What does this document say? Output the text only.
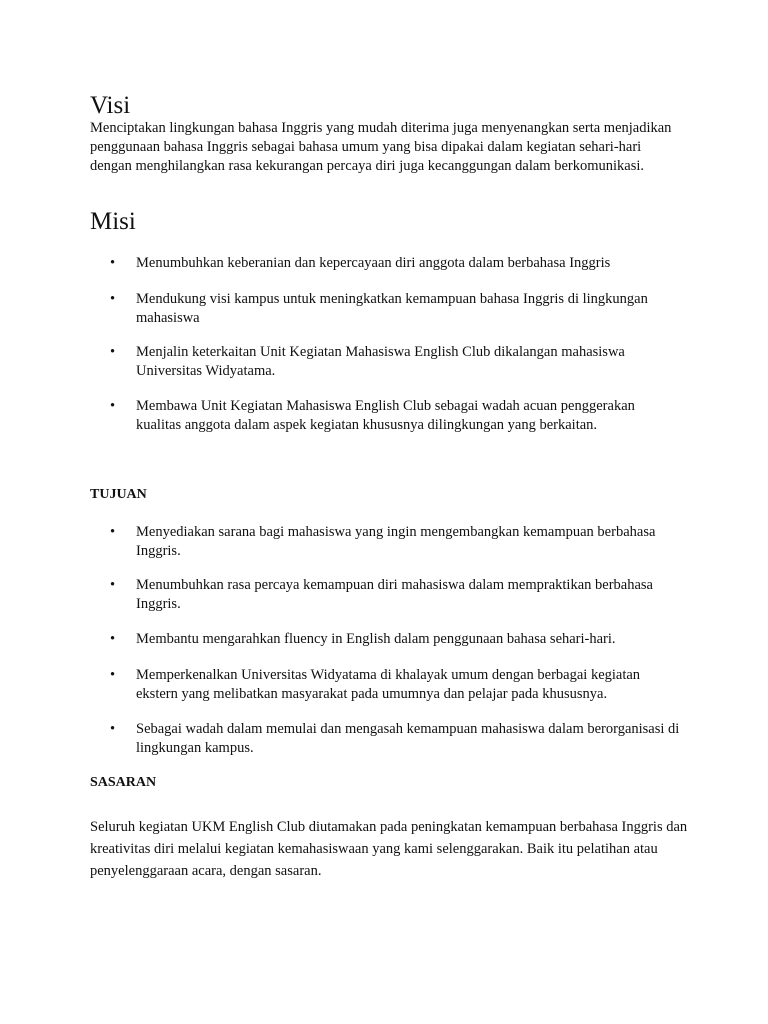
Visi

Menciptakan lingkungan bahasa Inggris yang mudah diterima juga menyenangkan serta menjadikan penggunaan bahasa Inggris sebagai bahasa umum yang bisa dipakai dalam kegiatan sehari-hari dengan menghilangkan rasa kekurangan percaya diri juga kecanggungan dalam berkomunikasi.

Misi
• Menumbuhkan keberanian dan kepercayaan diri anggota dalam berbahasa Inggris
• Mendukung visi kampus untuk meningkatkan kemampuan bahasa Inggris di lingkungan mahasiswa
• Menjalin keterkaitan Unit Kegiatan Mahasiswa English Club dikalangan mahasiswa Universitas Widyatama.
• Membawa Unit Kegiatan Mahasiswa English Club sebagai wadah acuan penggerakan kualitas anggota dalam aspek kegiatan khususnya dilingkungan yang berkaitan.
TUJUAN
• Menyediakan sarana bagi mahasiswa yang ingin mengembangkan kemampuan berbahasa Inggris.
• Menumbuhkan rasa percaya kemampuan diri mahasiswa dalam mempraktikan berbahasa Inggris.
• Membantu mengarahkan fluency in English dalam penggunaan bahasa sehari-hari.
• Memperkenalkan Universitas Widyatama di khalayak umum dengan berbagai kegiatan ekstern yang melibatkan masyarakat pada umumnya dan pelajar pada khususnya.
• Sebagai wadah dalam memulai dan mengasah kemampuan mahasiswa dalam berorganisasi di lingkungan kampus.
SASARAN

Seluruh kegiatan UKM English Club diutamakan pada peningkatan kemampuan berbahasa Inggris dan kreativitas diri melalui kegiatan kemahasiswaan yang kami selenggarakan. Baik itu pelatihan atau penyelenggaraan acara, dengan sasaran.
